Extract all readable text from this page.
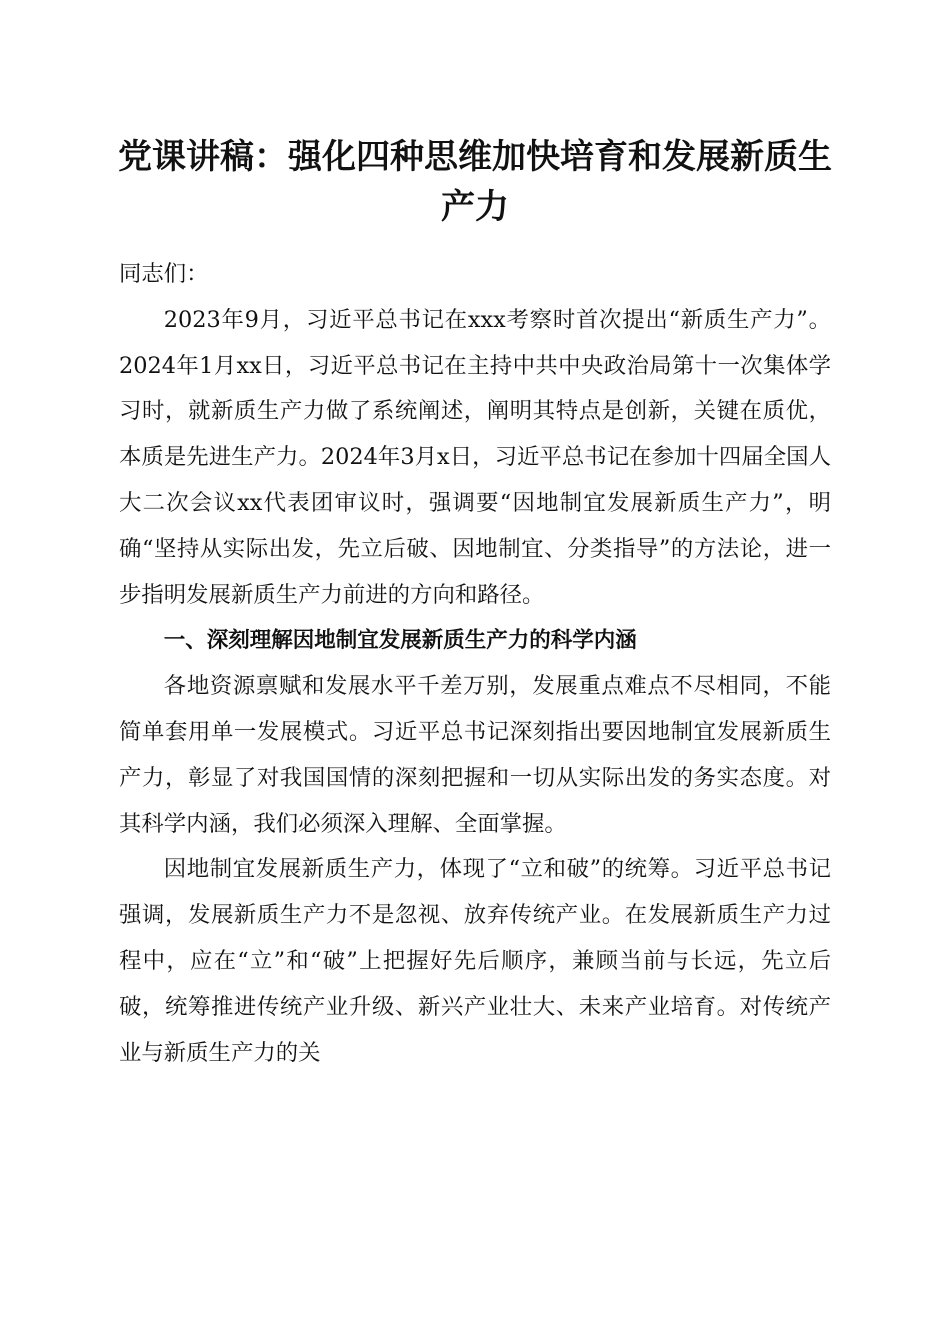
党课讲稿：强化四种思维加快培育和发展新质生产力

同志们：

2023年9月，习近平总书记在xxx考察时首次提出“新质生产力”。2024年1月xx日，习近平总书记在主持中共中央政治局第十一次集体学习时，就新质生产力做了系统阐述，阐明其特点是创新，关键在质优，本质是先进生产力。2024年3月x日，习近平总书记在参加十四届全国人大二次会议xx代表团审议时，强调要“因地制宜发展新质生产力”，明确“坚持从实际出发，先立后破、因地制宜、分类指导”的方法论，进一步指明发展新质生产力前进的方向和路径。

一、深刻理解因地制宜发展新质生产力的科学内涵

各地资源禀赋和发展水平千差万别，发展重点难点不尽相同，不能简单套用单一发展模式。习近平总书记深刻指出要因地制宜发展新质生产力，彰显了对我国国情的深刻把握和一切从实际出发的务实态度。对其科学内涵，我们必须深入理解、全面掌握。

因地制宜发展新质生产力，体现了“立和破”的统筹。习近平总书记强调，发展新质生产力不是忽视、放弃传统产业。在发展新质生产力过程中，应在“立”和“破”上把握好先后顺序，兼顾当前与长远，先立后破，统筹推进传统产业升级、新兴产业壮大、未来产业培育。对传统产业与新质生产力的关
